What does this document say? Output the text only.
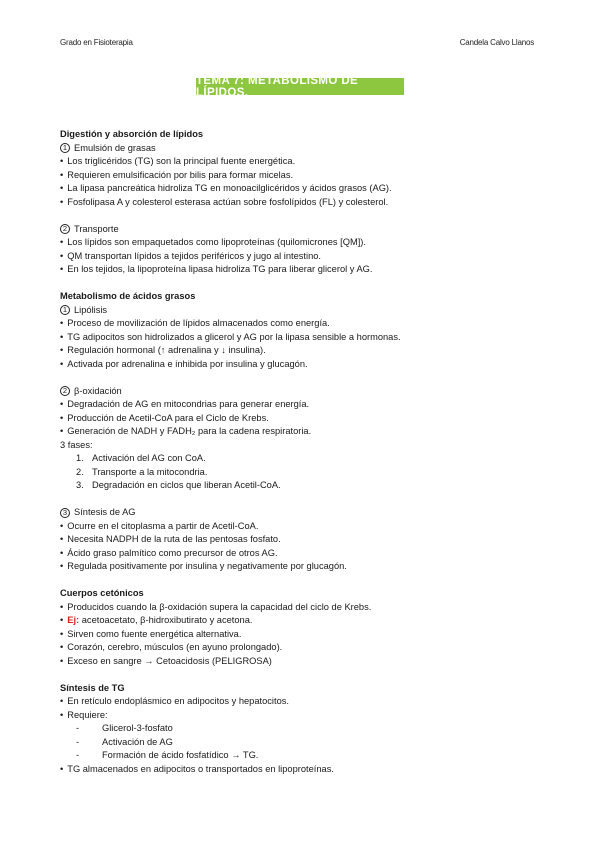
Grado en Fisioterapia	Candela Calvo Llanos
TEMA 7: METABOLISMO DE LÍPIDOS.
Digestión y absorción de lípidos
1 Emulsión de grasas
• Los triglicéridos (TG) son la principal fuente energética.
• Requieren emulsificación por bilis para formar micelas.
• La lipasa pancreática hidroliza TG en monoacilglicéridos y ácidos grasos (AG).
• Fosfolipasa A y colesterol esterasa actúan sobre fosfolípidos (FL) y colesterol.
2 Transporte
• Los lípidos son empaquetados como lipoproteínas (quilomicrones [QM]).
• QM transportan lípidos a tejidos periféricos y jugo al intestino.
• En los tejidos, la lipoproteína lipasa hidroliza TG para liberar glicerol y AG.
Metabolismo de ácidos grasos
1 Lipólisis
• Proceso de movilización de lípidos almacenados como energía.
• TG adipocitos son hidrolizados a glicerol y AG por la lipasa sensible a hormonas.
• Regulación hormonal (↑ adrenalina y ↓ insulina).
• Activada por adrenalina e inhibida por insulina y glucagón.
2 β-oxidación
• Degradación de AG en mitocondrias para generar energía.
• Producción de Acetil-CoA para el Ciclo de Krebs.
• Generación de NADH y FADH₂ para la cadena respiratoria.
3 fases:
1. Activación del AG con CoA.
2. Transporte a la mitocondria.
3. Degradación en ciclos que liberan Acetil-CoA.
3 Síntesis de AG
• Ocurre en el citoplasma a partir de Acetil-CoA.
• Necesita NADPH de la ruta de las pentosas fosfato.
• Ácido graso palmítico como precursor de otros AG.
• Regulada positivamente por insulina y negativamente por glucagón.
Cuerpos cetónicos
• Producidos cuando la β-oxidación supera la capacidad del ciclo de Krebs.
• Ej: acetoacetato, β-hidroxibutirato y acetona.
• Sirven como fuente energética alternativa.
• Corazón, cerebro, músculos (en ayuno prolongado).
• Exceso en sangre → Cetoacidosis (PELIGROSA)
Síntesis de TG
• En retículo endoplásmico en adipocitos y hepatocitos.
• Requiere:
- Glicerol-3-fosfato
- Activación de AG
- Formación de ácido fosfatídico → TG.
• TG almacenados en adipocitos o transportados en lipoproteínas.
